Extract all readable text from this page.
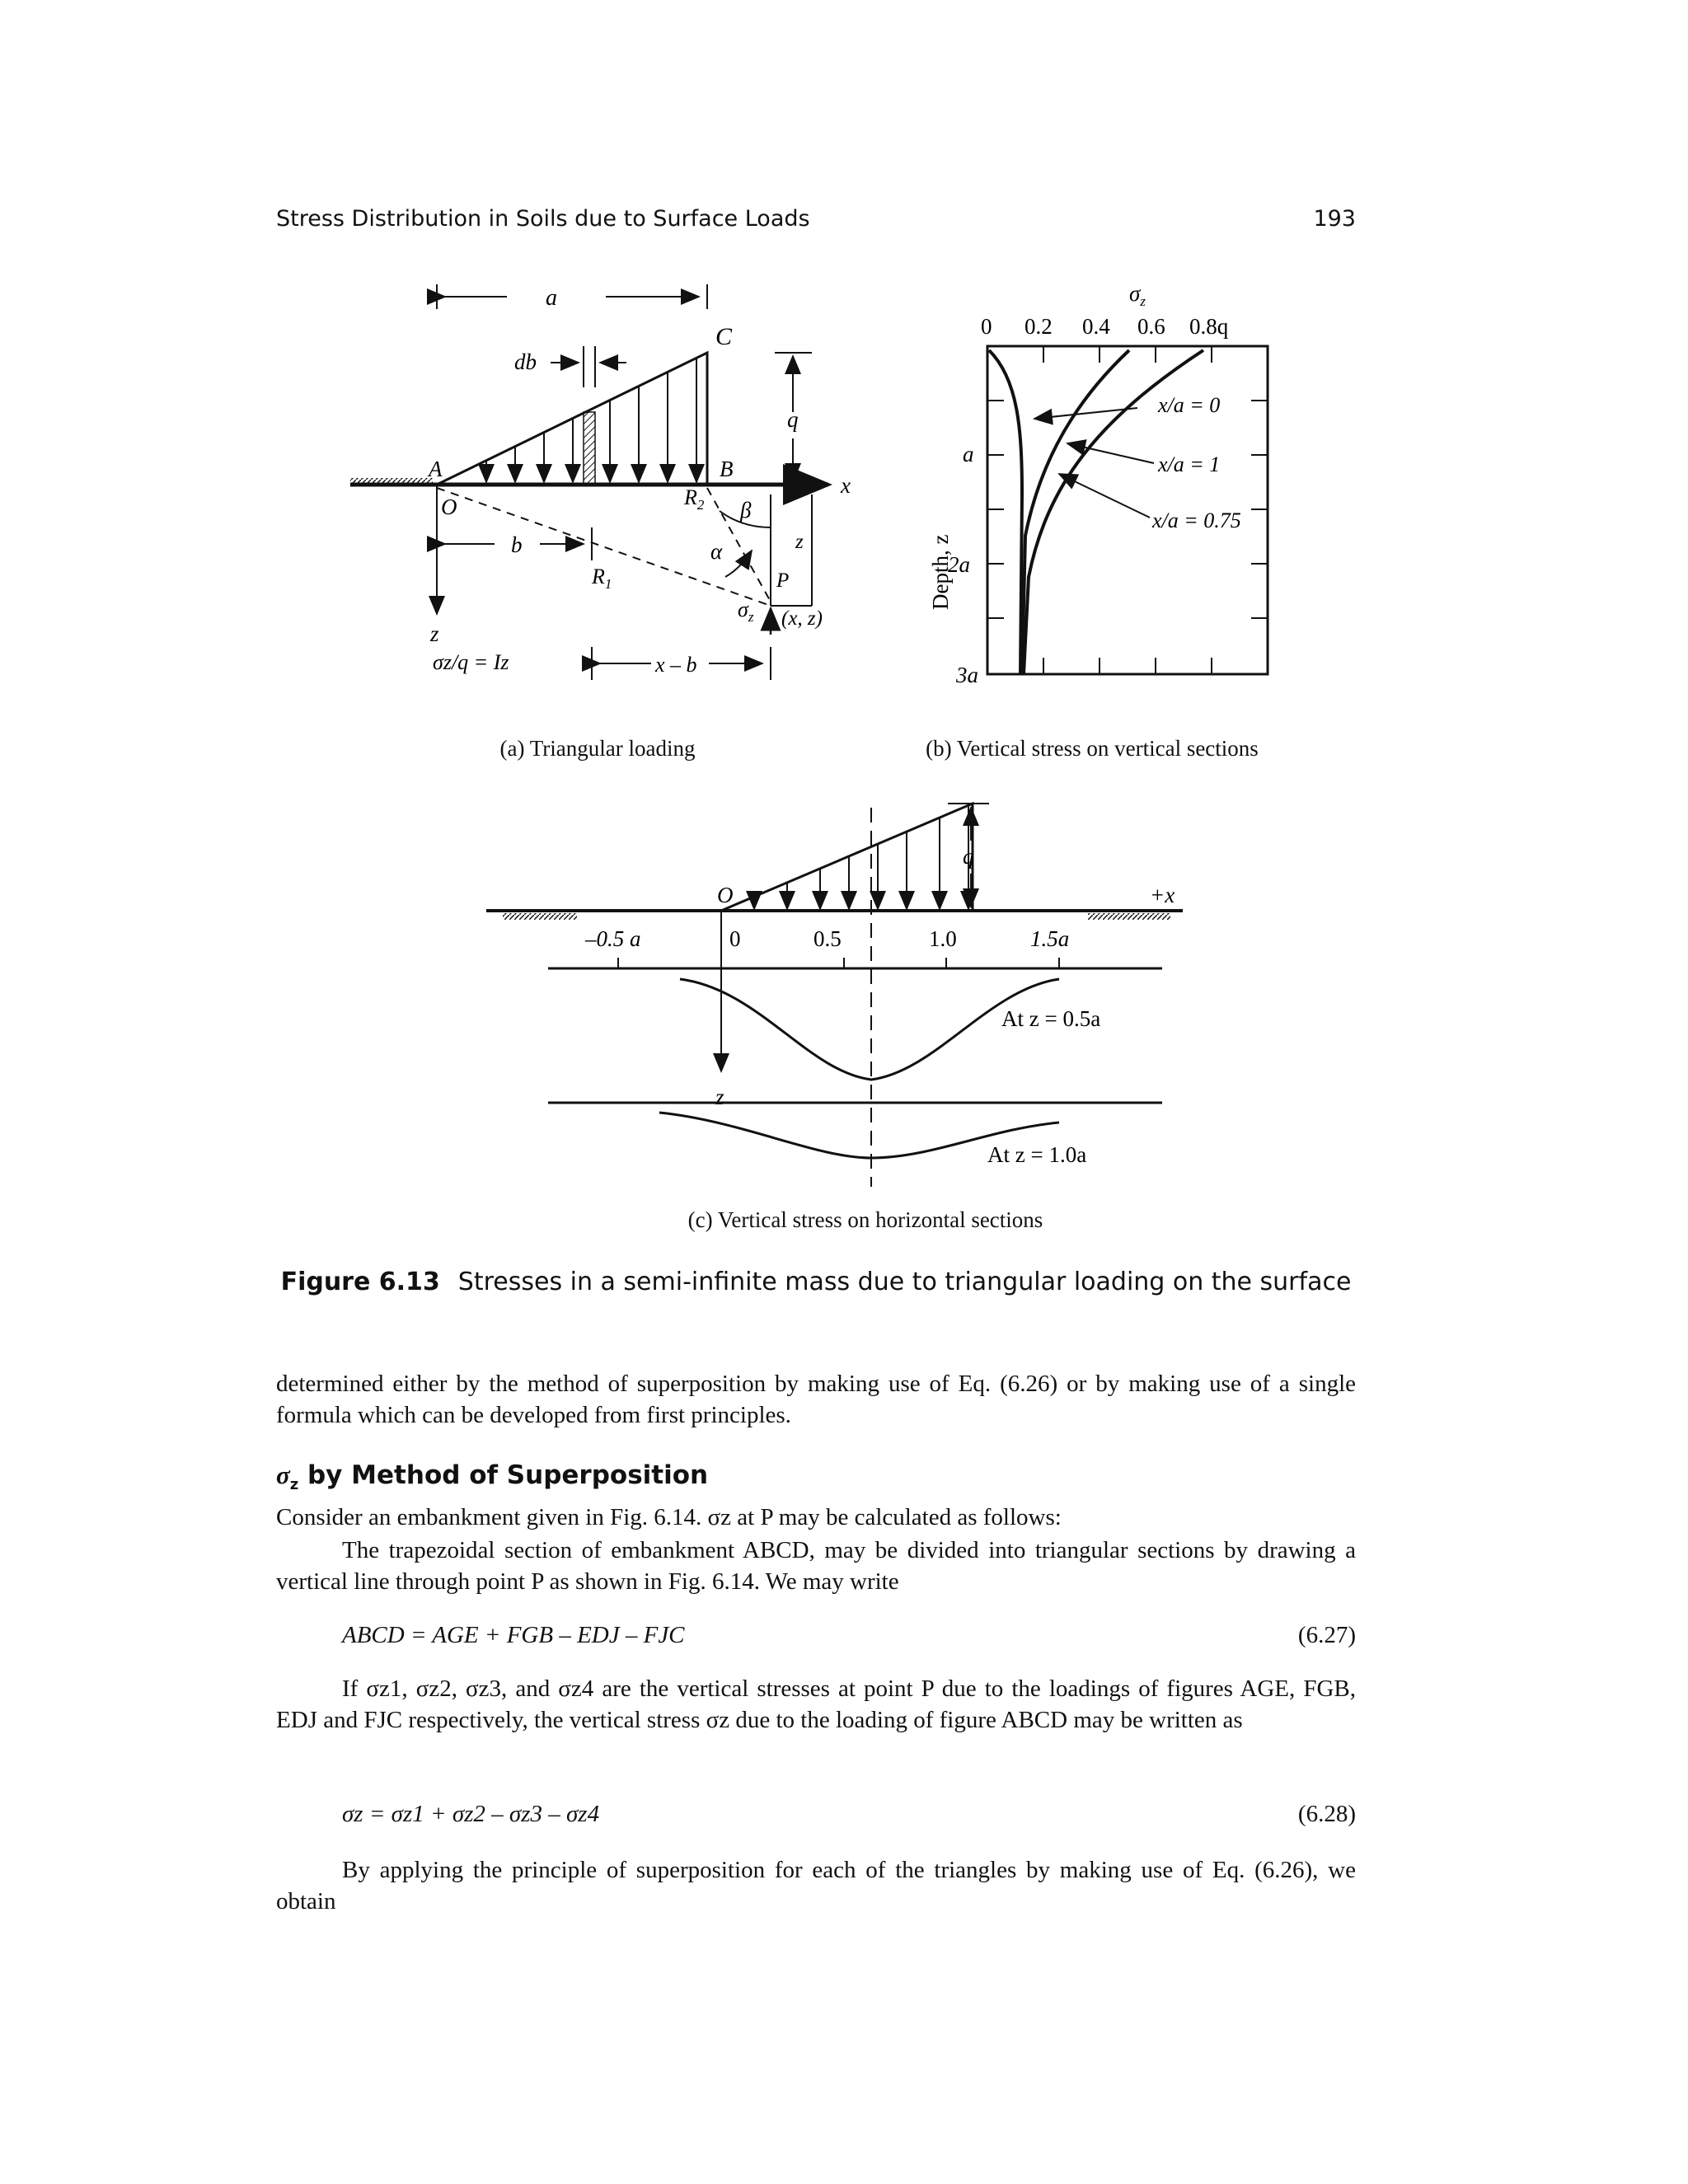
Stress Distribution in Soils due to Surface Loads	193
a
db
C
q
A	B
x
O
z
$R_2$ β
b
$R_1$
α	z
P
$\sigma_z$ (x, z)
σz/q = Iz	x – b
$\sigma_z$
0 0.2 0.4 0.6 0.8q
a
2a
3a
Depth, z
x/a = 0
x/a = 1
x/a = 0.75
q
O	+x
z
–0.5 a	0	0.5	1.0	1.5a
At z = 0.5a
At z = 1.0a
(a) Triangular loading	(b) Vertical stress on vertical sections
(c) Vertical stress on horizontal sections
Figure 6.13 Stresses in a semi-infinite mass due to triangular loading on the surface
determined either by the method of superposition by making use of Eq. (6.26) or by making use of a single formula which can be developed from first principles.
$\sigma_z$ by Method of Superposition
Consider an embankment given in Fig. 6.14. σz at P may be calculated as follows:
The trapezoidal section of embankment ABCD, may be divided into triangular sections by drawing a vertical line through point P as shown in Fig. 6.14. We may write
ABCD = AGE + FGB – EDJ – FJC	(6.27)
If σz1, σz2, σz3, and σz4 are the vertical stresses at point P due to the loadings of figures AGE, FGB, EDJ and FJC respectively, the vertical stress σz due to the loading of figure ABCD may be written as
σz = σz1 + σz2 – σz3 – σz4	(6.28)
By applying the principle of superposition for each of the triangles by making use of Eq. (6.26), we obtain
